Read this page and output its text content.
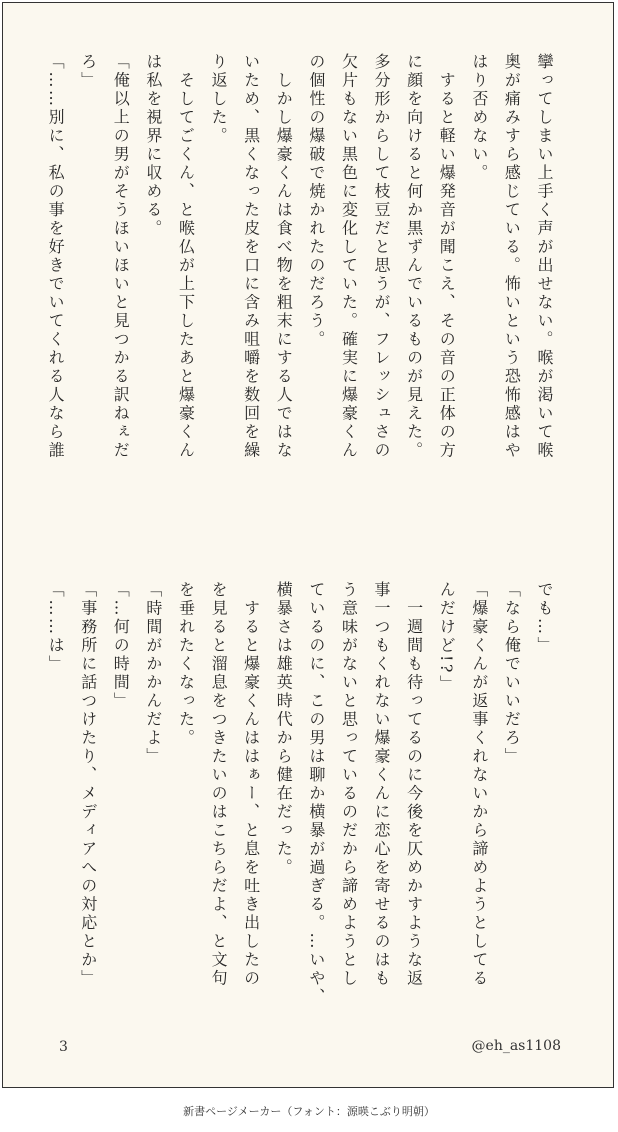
攣ってしまい上手く声が出せない。喉が渇いて喉
奥が痛みすら感じている。怖いという恐怖感はや
はり否めない。
　すると軽い爆発音が聞こえ、その音の正体の方
に顔を向けると何か黒ずんでいるものが見えた。
多分形からして枝豆だと思うが、フレッシュさの
欠片もない黒色に変化していた。確実に爆豪くん
の個性の爆破で焼かれたのだろう。
　しかし爆豪くんは食べ物を粗末にする人ではな
いため、黒くなった皮を口に含み咀嚼を数回を繰
り返した。
　そしてごくん、と喉仏が上下したあと爆豪くん
は私を視界に収める。
「俺以上の男がそうほいほいと見つかる訳ねぇだ
ろ」
「……別に、私の事を好きでいてくれる人なら誰
でも…」
「なら俺でいいだろ」
「爆豪くんが返事くれないから諦めようとしてる
んだけど!?」
　一週間も待ってるのに今後を仄めかすような返
事一つもくれない爆豪くんに恋心を寄せるのはも
う意味がないと思っているのだから諦めようとし
ているのに、この男は聊か横暴が過ぎる。…いや、
横暴さは雄英時代から健在だった。
　すると爆豪くんははぁー、と息を吐き出したの
を見ると溜息をつきたいのはこちらだよ、と文句
を垂れたくなった。
「時間がかかんだよ」
「…何の時間」
「事務所に話つけたり、メディアへの対応とか」
「……は」
3	@eh_as1108
新書ページメーカー（フォント：源暎こぶり明朝）
